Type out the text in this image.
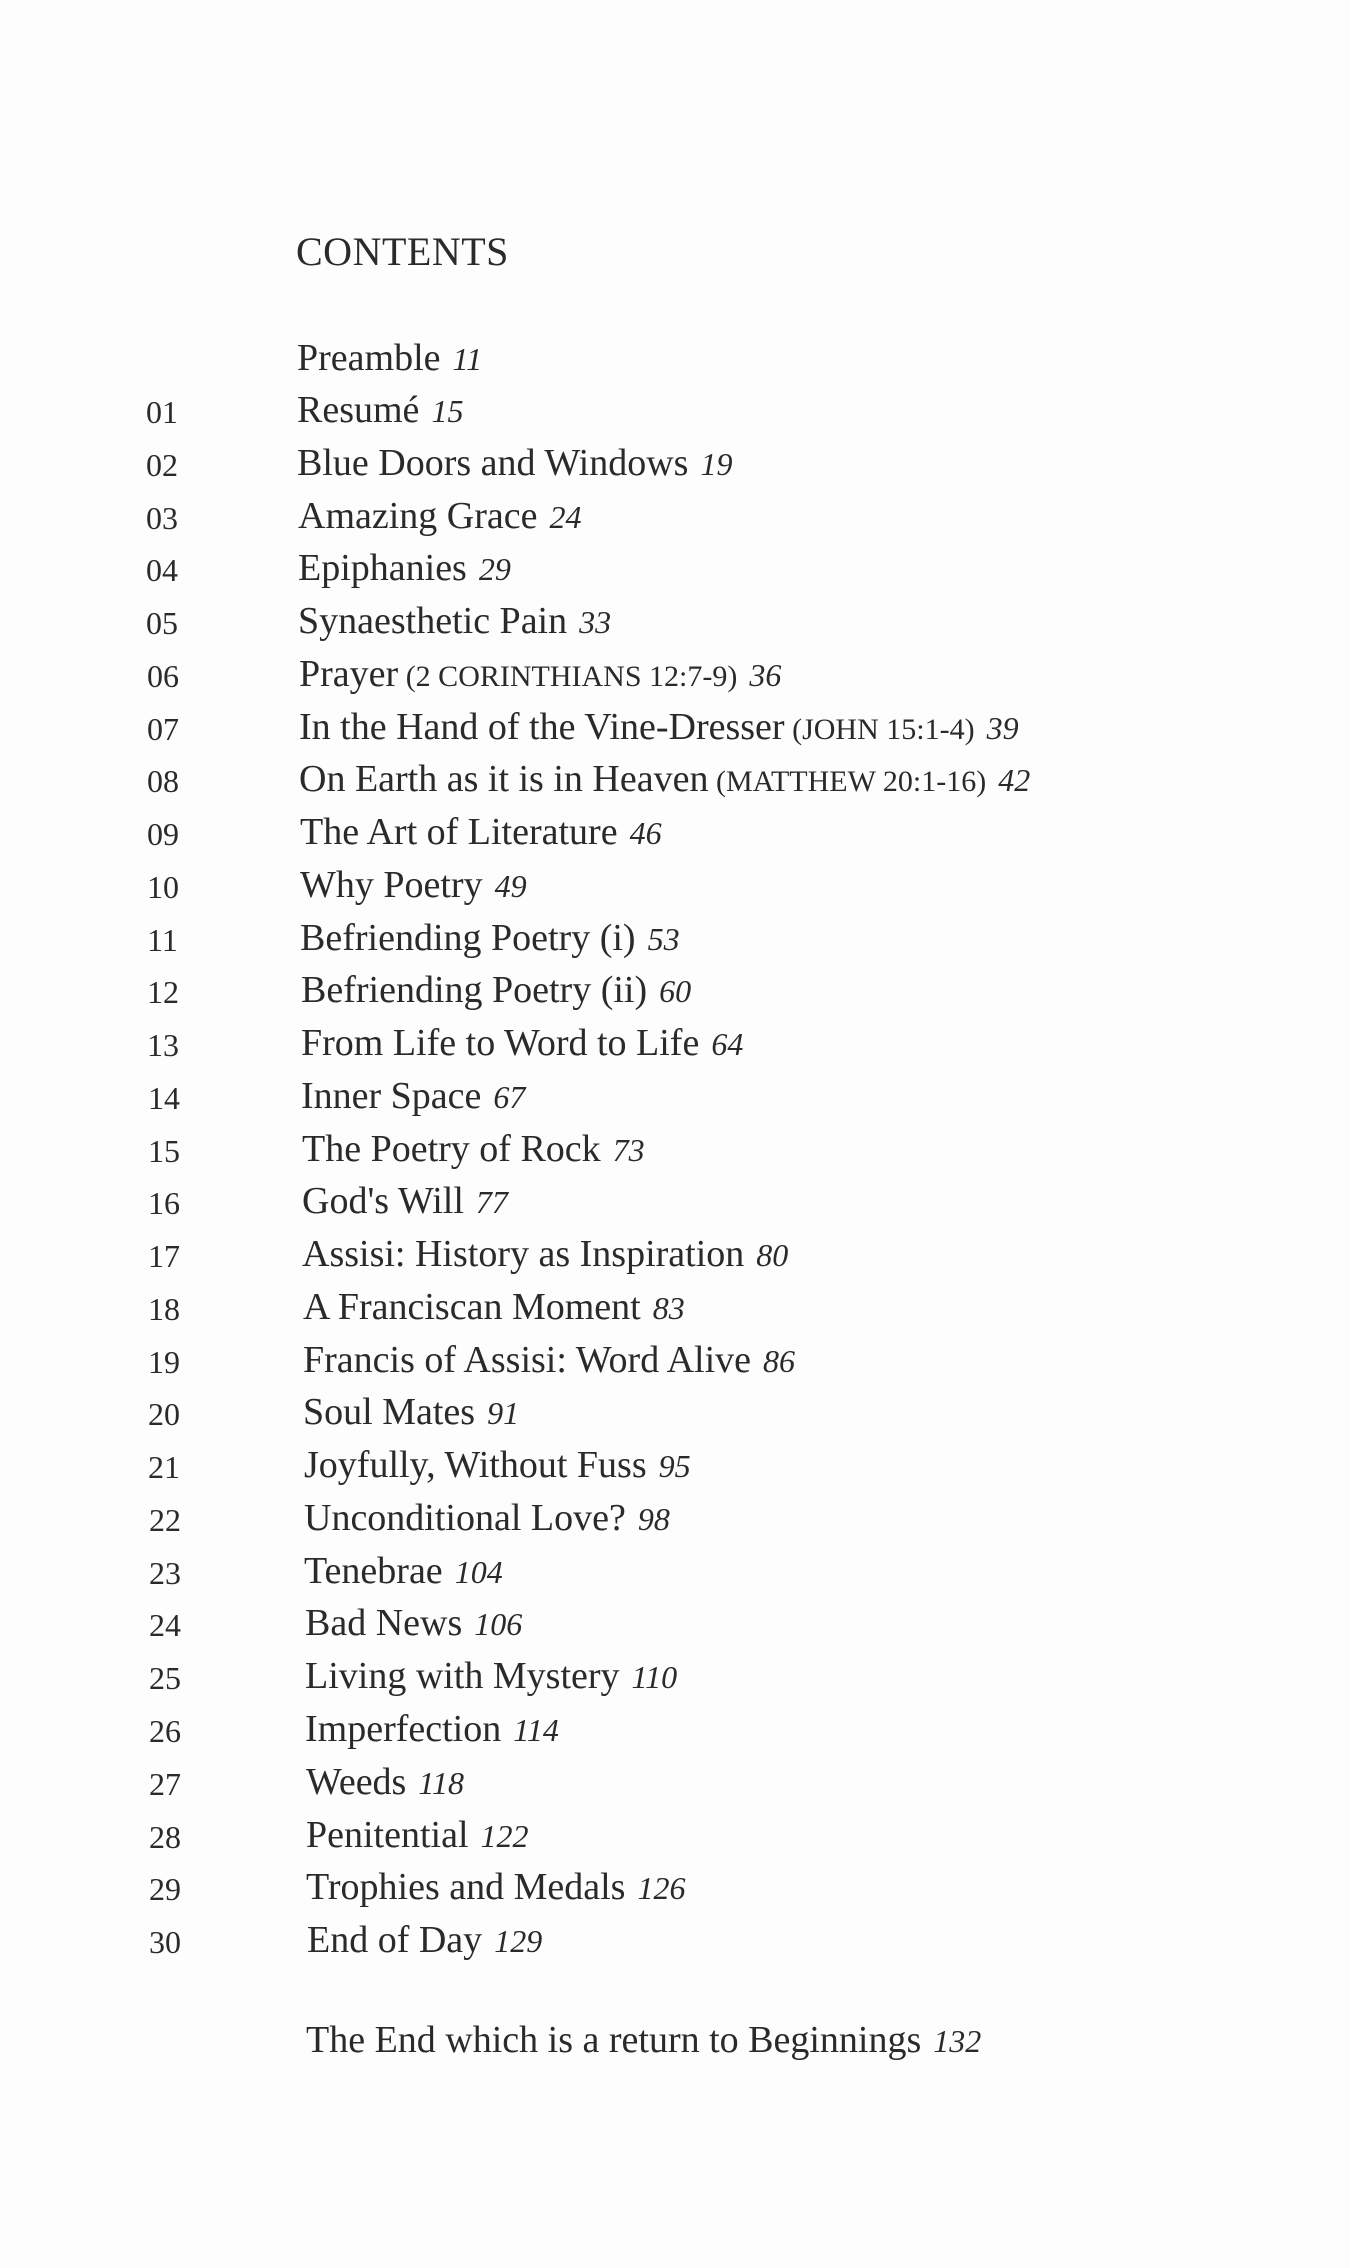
CONTENTS
Preamble 11
01	Resumé 15
02	Blue Doors and Windows 19
03	Amazing Grace 24
04	Epiphanies 29
05	Synaesthetic Pain 33
06	Prayer (2 CORINTHIANS 12:7-9) 36
07	In the Hand of the Vine-Dresser (JOHN 15:1-4) 39
08	On Earth as it is in Heaven (MATTHEW 20:1-16) 42
09	The Art of Literature 46
10	Why Poetry 49
11	Befriending Poetry (i) 53
12	Befriending Poetry (ii) 60
13	From Life to Word to Life 64
14	Inner Space 67
15	The Poetry of Rock 73
16	God's Will 77
17	Assisi: History as Inspiration 80
18	A Franciscan Moment 83
19	Francis of Assisi: Word Alive 86
20	Soul Mates 91
21	Joyfully, Without Fuss 95
22	Unconditional Love? 98
23	Tenebrae 104
24	Bad News 106
25	Living with Mystery 110
26	Imperfection 114
27	Weeds 118
28	Penitential 122
29	Trophies and Medals 126
30	End of Day 129
The End which is a return to Beginnings 132
